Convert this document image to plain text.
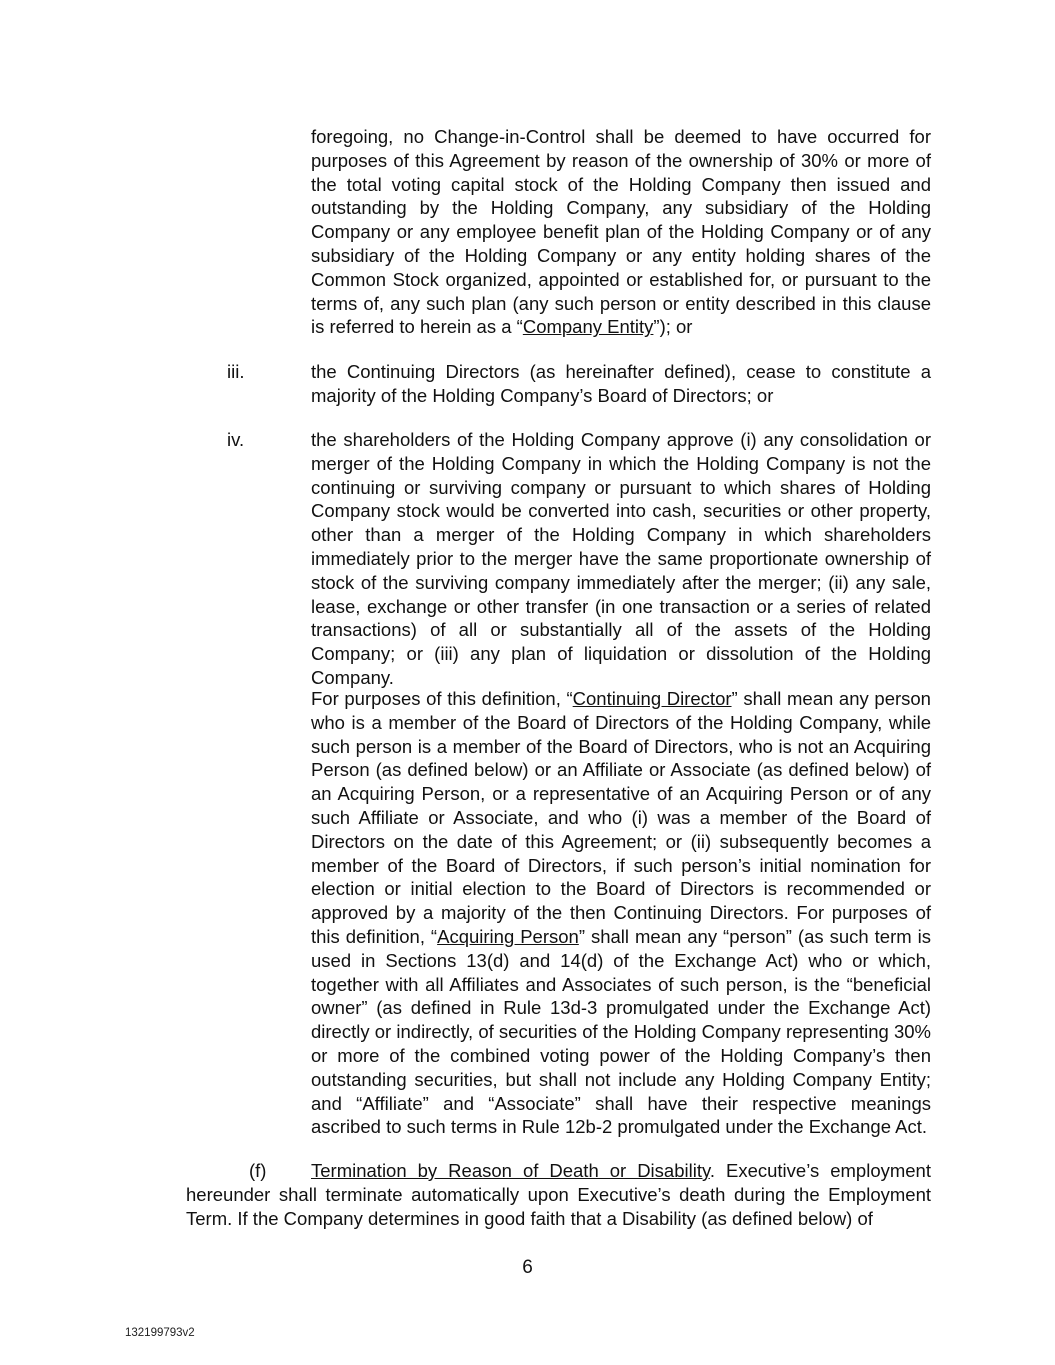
foregoing, no Change-in-Control shall be deemed to have occurred for purposes of this Agreement by reason of the ownership of 30% or more of the total voting capital stock of the Holding Company then issued and outstanding by the Holding Company, any subsidiary of the Holding Company or any employee benefit plan of the Holding Company or of any subsidiary of the Holding Company or any entity holding shares of the Common Stock organized, appointed or established for, or pursuant to the terms of, any such plan (any such person or entity described in this clause is referred to herein as a “Company Entity”); or
iii.	the Continuing Directors (as hereinafter defined), cease to constitute a majority of the Holding Company’s Board of Directors; or
iv.	the shareholders of the Holding Company approve (i) any consolidation or merger of the Holding Company in which the Holding Company is not the continuing or surviving company or pursuant to which shares of Holding Company stock would be converted into cash, securities or other property, other than a merger of the Holding Company in which shareholders immediately prior to the merger have the same proportionate ownership of stock of the surviving company immediately after the merger; (ii) any sale, lease, exchange or other transfer (in one transaction or a series of related transactions) of all or substantially all of the assets of the Holding Company; or (iii) any plan of liquidation or dissolution of the Holding Company.
For purposes of this definition, “Continuing Director” shall mean any person who is a member of the Board of Directors of the Holding Company, while such person is a member of the Board of Directors, who is not an Acquiring Person (as defined below) or an Affiliate or Associate (as defined below) of an Acquiring Person, or a representative of an Acquiring Person or of any such Affiliate or Associate, and who (i) was a member of the Board of Directors on the date of this Agreement; or (ii) subsequently becomes a member of the Board of Directors, if such person’s initial nomination for election or initial election to the Board of Directors is recommended or approved by a majority of the then Continuing Directors. For purposes of this definition, “Acquiring Person” shall mean any “person” (as such term is used in Sections 13(d) and 14(d) of the Exchange Act) who or which, together with all Affiliates and Associates of such person, is the “beneficial owner” (as defined in Rule 13d-3 promulgated under the Exchange Act) directly or indirectly, of securities of the Holding Company representing 30% or more of the combined voting power of the Holding Company’s then outstanding securities, but shall not include any Holding Company Entity; and “Affiliate” and “Associate” shall have their respective meanings ascribed to such terms in Rule 12b-2 promulgated under the Exchange Act.
(f)	Termination by Reason of Death or Disability. Executive’s employment hereunder shall terminate automatically upon Executive’s death during the Employment Term. If the Company determines in good faith that a Disability (as defined below) of
6
132199793v2
